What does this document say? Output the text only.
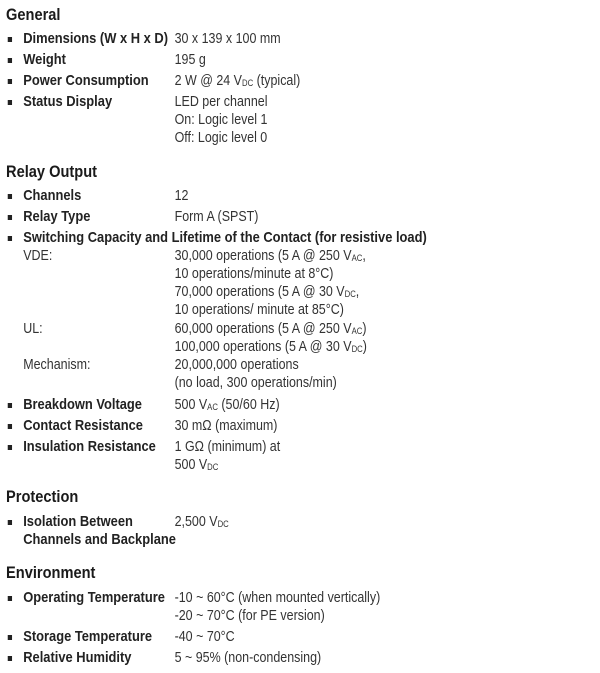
General
Dimensions (W x H x D) 30 x 139 x 100 mm
Weight	195 g
Power Consumption 2 W @ 24 $V_{DC}$ (typical)
Status Display	LED per channel
On: Logic level 1
Off: Logic level 0
Relay Output
Channels	12
Relay Type	Form A (SPST)
Switching Capacity and Lifetime of the Contact (for resistive load)
VDE:	30,000 operations (5 A @ 250 $V_{AC}$,
10 operations/minute at 8°C)
70,000 operations (5 A @ 30 $V_{DC}$,
10 operations/ minute at 85°C)
UL:	60,000 operations (5 A @ 250 $V_{AC}$)
100,000 operations (5 A @ 30 $V_{DC}$)
Mechanism:	20,000,000 operations
(no load, 300 operations/min)
Breakdown Voltage 500 $V_{AC}$ (50/60 Hz)
Contact Resistance 30 mΩ (maximum)
Insulation Resistance 1 GΩ (minimum) at
500 $V_{DC}$
Protection
Isolation Between
Channels and Backplane
2,500 $V_{DC}$
Environment
Operating Temperature -10 ~ 60°C (when mounted vertically)
-20 ~ 70°C (for PE version)
Storage Temperature -40 ~ 70°C
Relative Humidity	5 ~ 95% (non-condensing)
